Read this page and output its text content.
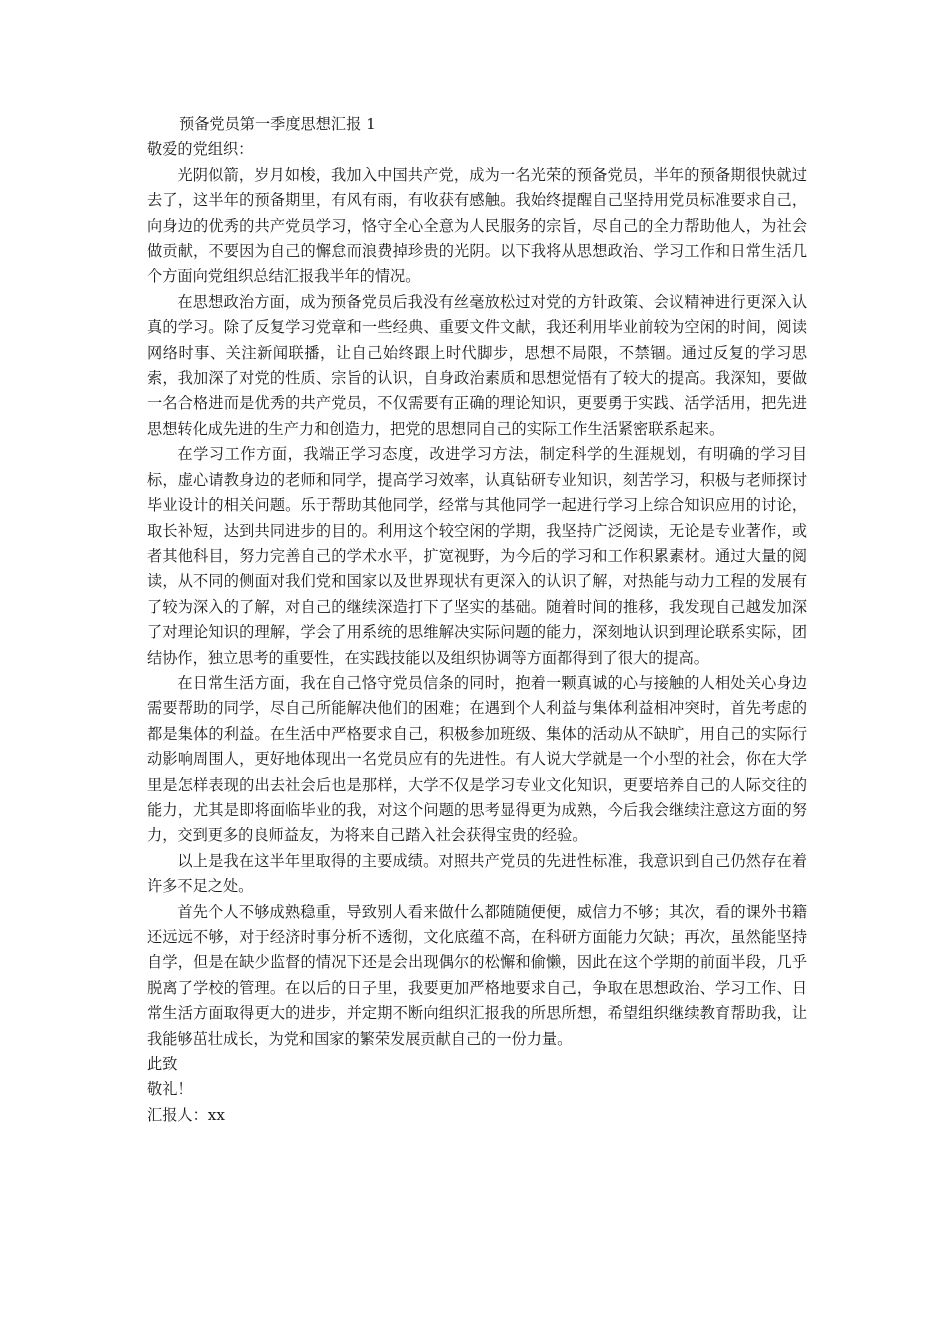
预备党员第一季度思想汇报 1

敬爱的党组织：

光阴似箭，岁月如梭，我加入中国共产党，成为一名光荣的预备党员，半年的预备期很快就过去了，这半年的预备期里，有风有雨，有收获有感触。我始终提醒自己坚持用党员标准要求自己，向身边的优秀的共产党员学习，恪守全心全意为人民服务的宗旨，尽自己的全力帮助他人，为社会做贡献，不要因为自己的懈怠而浪费掉珍贵的光阴。以下我将从思想政治、学习工作和日常生活几个方面向党组织总结汇报我半年的情况。

在思想政治方面，成为预备党员后我没有丝毫放松过对党的方针政策、会议精神进行更深入认真的学习。除了反复学习党章和一些经典、重要文件文献，我还利用毕业前较为空闲的时间，阅读网络时事、关注新闻联播，让自己始终跟上时代脚步，思想不局限，不禁锢。通过反复的学习思索，我加深了对党的性质、宗旨的认识，自身政治素质和思想觉悟有了较大的提高。我深知，要做一名合格进而是优秀的共产党员，不仅需要有正确的理论知识，更要勇于实践、活学活用，把先进思想转化成先进的生产力和创造力，把党的思想同自己的实际工作生活紧密联系起来。

在学习工作方面，我端正学习态度，改进学习方法，制定科学的生涯规划，有明确的学习目标，虚心请教身边的老师和同学，提高学习效率，认真钻研专业知识，刻苦学习，积极与老师探讨毕业设计的相关问题。乐于帮助其他同学，经常与其他同学一起进行学习上综合知识应用的讨论，取长补短，达到共同进步的目的。利用这个较空闲的学期，我坚持广泛阅读，无论是专业著作，或者其他科目，努力完善自己的学术水平，扩宽视野，为今后的学习和工作积累素材。通过大量的阅读，从不同的侧面对我们党和国家以及世界现状有更深入的认识了解，对热能与动力工程的发展有了较为深入的了解，对自己的继续深造打下了坚实的基础。随着时间的推移，我发现自己越发加深了对理论知识的理解，学会了用系统的思维解决实际问题的能力，深刻地认识到理论联系实际，团结协作，独立思考的重要性，在实践技能以及组织协调等方面都得到了很大的提高。

在日常生活方面，我在自己恪守党员信条的同时，抱着一颗真诚的心与接触的人相处关心身边需要帮助的同学，尽自己所能解决他们的困难；在遇到个人利益与集体利益相冲突时，首先考虑的都是集体的利益。在生活中严格要求自己，积极参加班级、集体的活动从不缺旷，用自己的实际行动影响周围人，更好地体现出一名党员应有的先进性。有人说大学就是一个小型的社会，你在大学里是怎样表现的出去社会后也是那样，大学不仅是学习专业文化知识，更要培养自己的人际交往的能力，尤其是即将面临毕业的我，对这个问题的思考显得更为成熟，今后我会继续注意这方面的努力，交到更多的良师益友，为将来自己踏入社会获得宝贵的经验。

以上是我在这半年里取得的主要成绩。对照共产党员的先进性标准，我意识到自己仍然存在着许多不足之处。

首先个人不够成熟稳重，导致别人看来做什么都随随便便，威信力不够；其次，看的课外书籍还远远不够，对于经济时事分析不透彻，文化底蕴不高，在科研方面能力欠缺；再次，虽然能坚持自学，但是在缺少监督的情况下还是会出现偶尔的松懈和偷懒，因此在这个学期的前面半段，几乎脱离了学校的管理。在以后的日子里，我要更加严格地要求自己，争取在思想政治、学习工作、日常生活方面取得更大的进步，并定期不断向组织汇报我的所思所想，希望组织继续教育帮助我，让我能够茁壮成长，为党和国家的繁荣发展贡献自己的一份力量。

此致

敬礼！

汇报人：xx
